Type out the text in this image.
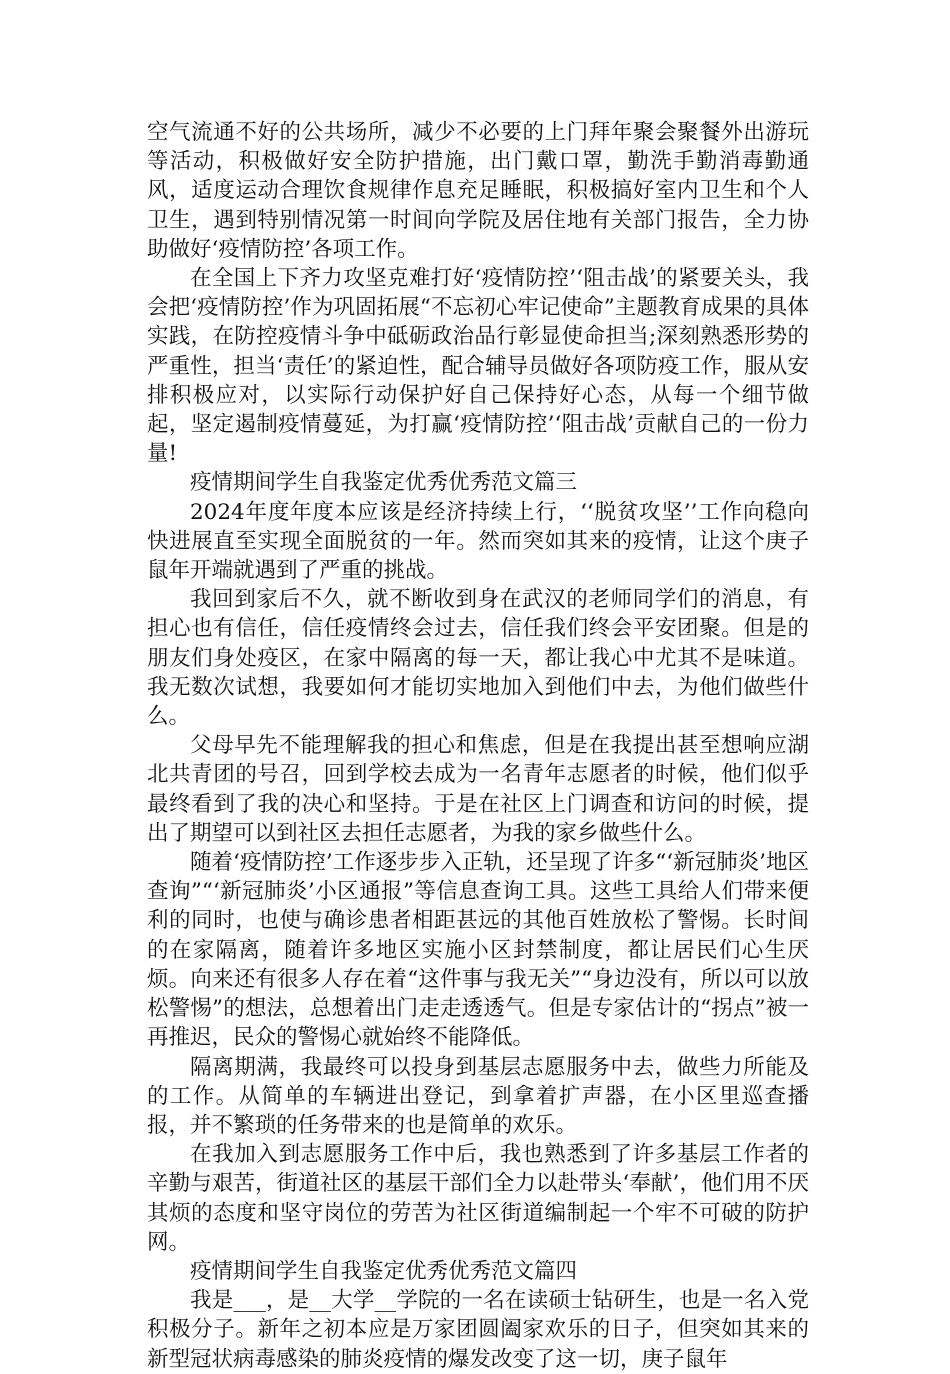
空气流通不好的公共场所，减少不必要的上门拜年聚会聚餐外出游玩等活动，积极做好安全防护措施，出门戴口罩，勤洗手勤消毒勤通风，适度运动合理饮食规律作息充足睡眠，积极搞好室内卫生和个人卫生，遇到特别情况第一时间向学院及居住地有关部门报告，全力协助做好‘疫情防控’各项工作。

在全国上下齐力攻坚克难打好‘疫情防控’‘阻击战’的紧要关头，我会把‘疫情防控’作为巩固拓展“不忘初心牢记使命”主题教育成果的具体实践，在防控疫情斗争中砥砺政治品行彰显使命担当;深刻熟悉形势的严重性，担当‘责任’的紧迫性，配合辅导员做好各项防疫工作，服从安排积极应对，以实际行动保护好自己保持好心态，从每一个细节做起，坚定遏制疫情蔓延，为打赢‘疫情防控’‘阻击战’贡献自己的一份力量!

疫情期间学生自我鉴定优秀优秀范文篇三

2024年度年度本应该是经济持续上行，‘‘脱贫攻坚’’工作向稳向快进展直至实现全面脱贫的一年。然而突如其来的疫情，让这个庚子鼠年开端就遇到了严重的挑战。

我回到家后不久，就不断收到身在武汉的老师同学们的消息，有担心也有信任，信任疫情终会过去，信任我们终会平安团聚。但是的朋友们身处疫区，在家中隔离的每一天，都让我心中尤其不是味道。我无数次试想，我要如何才能切实地加入到他们中去，为他们做些什么。

父母早先不能理解我的担心和焦虑，但是在我提出甚至想响应湖北共青团的号召，回到学校去成为一名青年志愿者的时候，他们似乎最终看到了我的决心和坚持。于是在社区上门调查和访问的时候，提出了期望可以到社区去担任志愿者，为我的家乡做些什么。

随着‘疫情防控’工作逐步步入正轨，还呈现了许多“‘新冠肺炎’地区查询”“‘新冠肺炎’小区通报”等信息查询工具。这些工具给人们带来便利的同时，也使与确诊患者相距甚远的其他百姓放松了警惕。长时间的在家隔离，随着许多地区实施小区封禁制度，都让居民们心生厌烦。向来还有很多人存在着“这件事与我无关”“身边没有，所以可以放松警惕”的想法，总想着出门走走透透气。但是专家估计的“拐点”被一再推迟，民众的警惕心就始终不能降低。

隔离期满，我最终可以投身到基层志愿服务中去，做些力所能及的工作。从简单的车辆进出登记，到拿着扩声器，在小区里巡查播报，并不繁琐的任务带来的也是简单的欢乐。

在我加入到志愿服务工作中后，我也熟悉到了许多基层工作者的辛勤与艰苦，街道社区的基层干部们全力以赴带头‘奉献’，他们用不厌其烦的态度和坚守岗位的劳苦为社区街道编制起一个牢不可破的防护网。

疫情期间学生自我鉴定优秀优秀范文篇四

我是___，是__大学__学院的一名在读硕士钻研生，也是一名入党积极分子。新年之初本应是万家团圆阖家欢乐的日子，但突如其来的新型冠状病毒感染的肺炎疫情的爆发改变了这一切，庚子鼠年
